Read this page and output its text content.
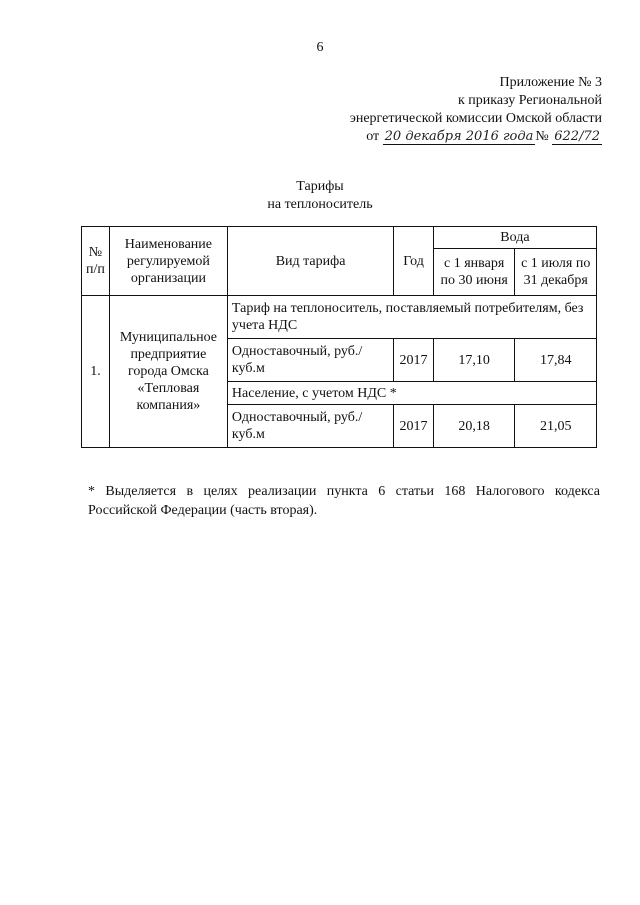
6
Приложение № 3
к приказу Региональной
энергетической комиссии Омской области
от 20 декабря 2016 года № 622/72
Тарифы
на теплоноситель
№ п/п	Наименование регулируемой организации	Вид тарифа	Год	Вода	
				с 1 января по 30 июня	с 1 июля по 31 декабря
1.	Муниципальное предприятие города Омска «Тепловая компания»	Тариф на теплоноситель, поставляемый потребителям, без учета НДС			
		Одноставочный, руб./куб.м	2017	17,10	17,84
		Население, с учетом НДС *			
		Одноставочный, руб./куб.м	2017	20,18	21,05
* Выделяется в целях реализации пункта 6 статьи 168 Налогового кодекса Российской Федерации (часть вторая).
